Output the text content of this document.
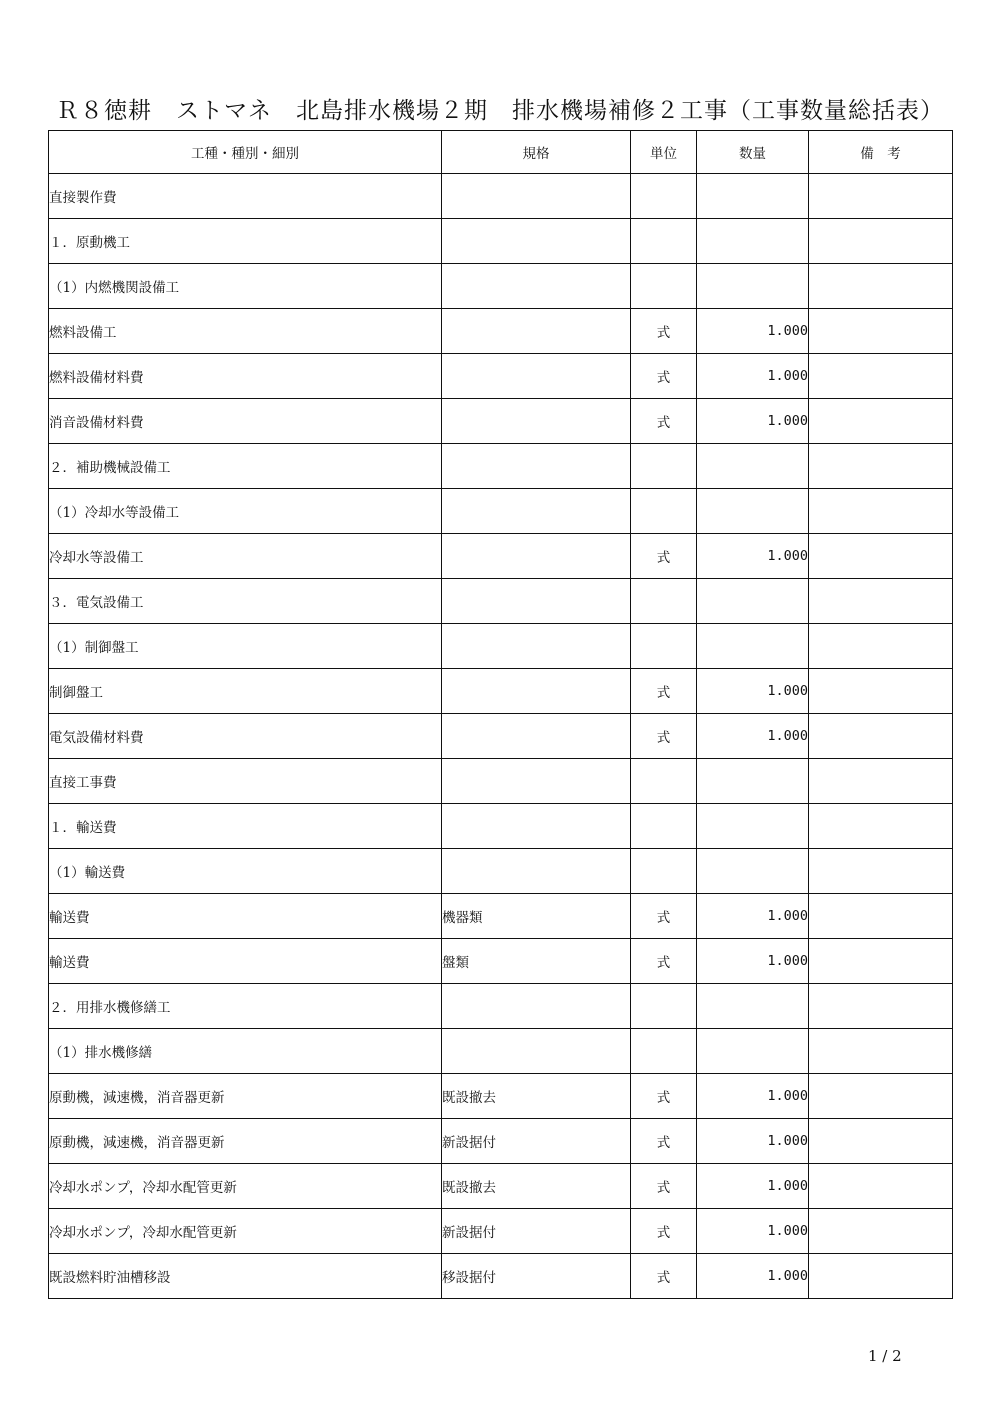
Ｒ８徳耕　ストマネ　北島排水機場２期　排水機場補修２工事（工事数量総括表）
工種・種別・細別	規格	単位	数量	備　考
直接製作費				
１．原動機工				
（1）内燃機関設備工				
燃料設備工		式	1.000	
燃料設備材料費		式	1.000	
消音設備材料費		式	1.000	
２．補助機械設備工				
（1）冷却水等設備工				
冷却水等設備工		式	1.000	
３．電気設備工				
（1）制御盤工				
制御盤工		式	1.000	
電気設備材料費		式	1.000	
直接工事費				
１．輸送費				
（1）輸送費				
輸送費	機器類	式	1.000	
輸送費	盤類	式	1.000	
２．用排水機修繕工				
（1）排水機修繕				
原動機，減速機，消音器更新	既設撤去	式	1.000	
原動機，減速機，消音器更新	新設据付	式	1.000	
冷却水ポンプ，冷却水配管更新	既設撤去	式	1.000	
冷却水ポンプ，冷却水配管更新	新設据付	式	1.000	
既設燃料貯油槽移設	移設据付	式	1.000	
1 / 2
